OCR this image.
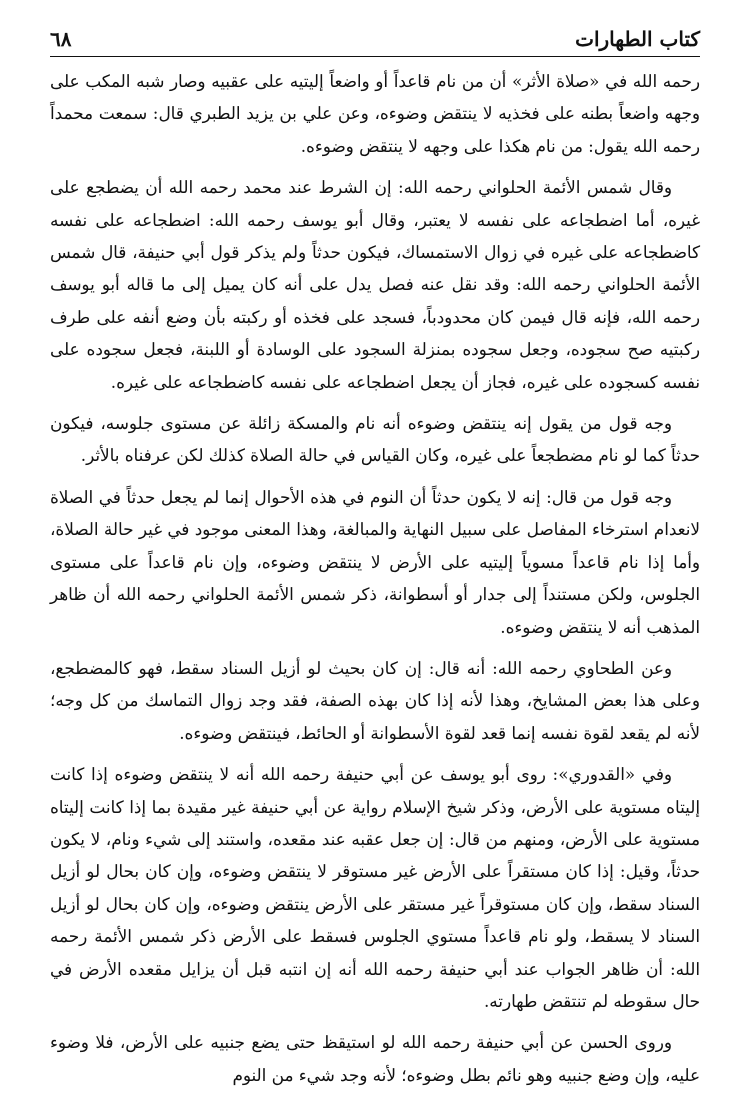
كتاب الطهارات
٦٨

رحمه الله في «صلاة الأثر» أن من نام قاعداً أو واضعاً إليتيه على عقبيه وصار شبه المكب على وجهه واضعاً بطنه على فخذيه لا ينتقض وضوءه، وعن علي بن يزيد الطبري قال: سمعت محمداً رحمه الله يقول: من نام هكذا على وجهه لا ينتقض وضوءه.

وقال شمس الأئمة الحلواني رحمه الله: إن الشرط عند محمد رحمه الله أن يضطجع على غيره، أما اضطجاعه على نفسه لا يعتبر، وقال أبو يوسف رحمه الله: اضطجاعه على نفسه كاضطجاعه على غيره في زوال الاستمساك، فيكون حدثاً ولم يذكر قول أبي حنيفة، قال شمس الأئمة الحلواني رحمه الله: وقد نقل عنه فصل يدل على أنه كان يميل إلى ما قاله أبو يوسف رحمه الله، فإنه قال فيمن كان محدودباً، فسجد على فخذه أو ركبته بأن وضع أنفه على طرف ركبتيه صح سجوده، وجعل سجوده بمنزلة السجود على الوسادة أو اللبنة، فجعل سجوده على نفسه كسجوده على غيره، فجاز أن يجعل اضطجاعه على نفسه كاضطجاعه على غيره.

وجه قول من يقول إنه ينتقض وضوءه أنه نام والمسكة زائلة عن مستوى جلوسه، فيكون حدثاً كما لو نام مضطجعاً على غيره، وكان القياس في حالة الصلاة كذلك لكن عرفناه بالأثر.

وجه قول من قال: إنه لا يكون حدثاً أن النوم في هذه الأحوال إنما لم يجعل حدثاً في الصلاة لانعدام استرخاء المفاصل على سبيل النهاية والمبالغة، وهذا المعنى موجود في غير حالة الصلاة، وأما إذا نام قاعداً مسوياً إليتيه على الأرض لا ينتقض وضوءه، وإن نام قاعداً على مستوى الجلوس، ولكن مستنداً إلى جدار أو أسطوانة، ذكر شمس الأئمة الحلواني رحمه الله أن ظاهر المذهب أنه لا ينتقض وضوءه.

وعن الطحاوي رحمه الله: أنه قال: إن كان بحيث لو أزيل السناد سقط، فهو كالمضطجع، وعلى هذا بعض المشايخ، وهذا لأنه إذا كان بهذه الصفة، فقد وجد زوال التماسك من كل وجه؛ لأنه لم يقعد لقوة نفسه إنما قعد لقوة الأسطوانة أو الحائط، فينتقض وضوءه.

وفي «القدوري»: روى أبو يوسف عن أبي حنيفة رحمه الله أنه لا ينتقض وضوءه إذا كانت إليتاه مستوية على الأرض، وذكر شيخ الإسلام رواية عن أبي حنيفة غير مقيدة بما إذا كانت إليتاه مستوية على الأرض، ومنهم من قال: إن جعل عقبه عند مقعده، واستند إلى شيء ونام، لا يكون حدثاً، وقيل: إذا كان مستقراً على الأرض غير مستوقر لا ينتقض وضوءه، وإن كان بحال لو أزيل السناد سقط، وإن كان مستوقراً غير مستقر على الأرض ينتقض وضوءه، وإن كان بحال لو أزيل السناد لا يسقط، ولو نام قاعداً مستوي الجلوس فسقط على الأرض ذكر شمس الأئمة رحمه الله: أن ظاهر الجواب عند أبي حنيفة رحمه الله أنه إن انتبه قبل أن يزايل مقعده الأرض في حال سقوطه لم تنتقض طهارته.

وروى الحسن عن أبي حنيفة رحمه الله لو استيقظ حتى يضع جنبيه على الأرض، فلا وضوء عليه، وإن وضع جنبيه وهو نائم بطل وضوءه؛ لأنه وجد شيء من النوم
